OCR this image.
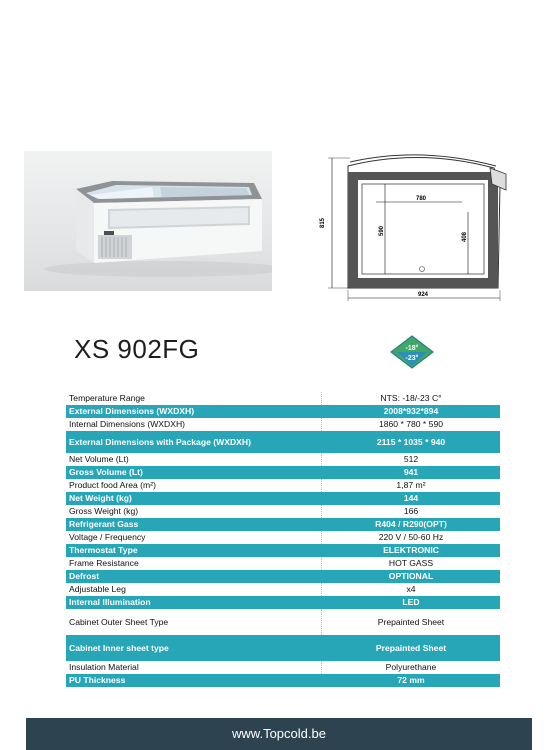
780
590
408
815
924
XS 902FG	-18°
-23°
Temperature Range	NTS: -18/-23 C°
External Dimensions (WXDXH)	2008*932*894
Internal Dimensions (WXDXH)	1860 * 780 * 590
External Dimensions with Package (WXDXH)	2115 * 1035 * 940
Net Volume (Lt)	512
Gross Volume (Lt)	941
Product food Area (m²)	1,87 m²
Net Weight (kg)	144
Gross Weight (kg)	166
Refrigerant Gass	R404 / R290(OPT)
Voltage / Frequency	220 V / 50-60 Hz
Thermostat Type	ELEKTRONIC
Frame Resistance	HOT GASS
Defrost	OPTIONAL
Adjustable Leg	x4
Internal Illumination	LED
Cabinet Outer Sheet Type	Prepainted Sheet
Cabinet Inner sheet type	Prepainted Sheet
Insulation Material	Polyurethane
PU Thickness	72 mm
www.Topcold.be
